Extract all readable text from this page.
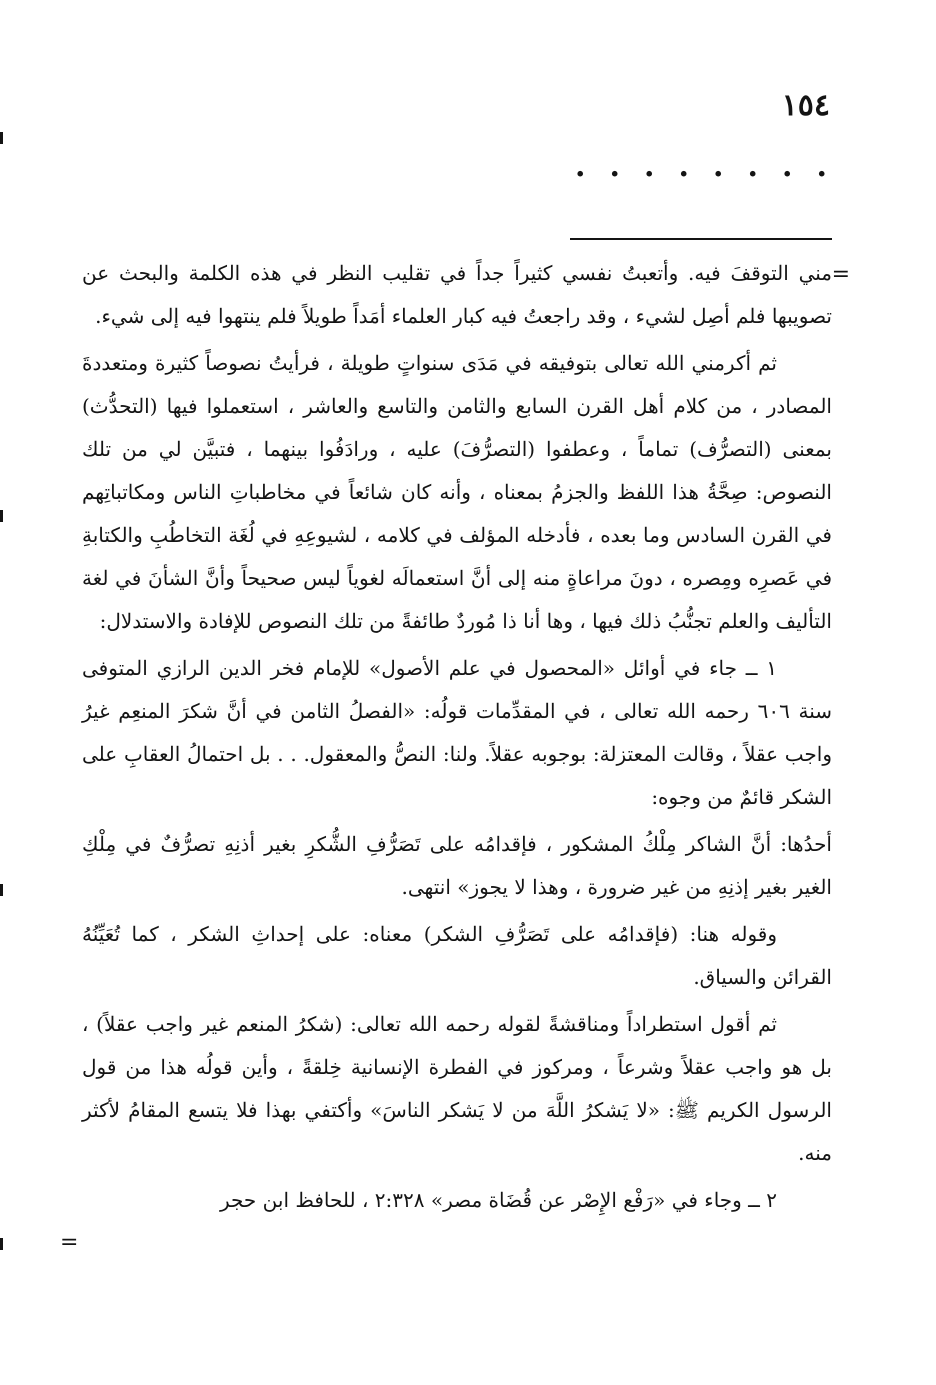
١٥٤
. . . . . . . .
=

مني التوقفَ فيه. وأتعبتُ نفسي كثيراً جداً في تقليب النظر في هذه الكلمة والبحث عن تصويبها فلم أصِل لشيء ، وقد راجعتُ فيه كبار العلماء أمَداً طويلاً فلم ينتهوا فيه إلى شيء.

ثم أكرمني الله تعالى بتوفيقه في مَدَى سنواتٍ طويلة ، فرأيتُ نصوصاً كثيرة ومتعددةَ المصادر ، من كلام أهل القرن السابع والثامن والتاسع والعاشر ، استعملوا فيها (التحدُّث) بمعنى (التصرُّف) تماماً ، وعطفوا (التصرُّفَ) عليه ، ورادَفُوا بينهما ، فتبيَّن لي من تلك النصوص: صِحَّةُ هذا اللفظ والجزمُ بمعناه ، وأنه كان شائعاً في مخاطباتِ الناس ومكاتباتِهم في القرن السادس وما بعده ، فأدخله المؤلف في كلامه ، لشيوعِهِ في لُغَة التخاطُبِ والكتابةِ في عَصرِه ومِصره ، دونَ مراعاةٍ منه إلى أنَّ استعمالَه لغوياً ليس صحيحاً وأنَّ الشأنَ في لغة التأليف والعلم تجنُّبُ ذلك فيها ، وها أنا ذا مُوردٌ طائفةً من تلك النصوص للإفادة والاستدلال:

١ ــ جاء في أوائل «المحصول في علم الأصول» للإمام فخر الدين الرازي المتوفى سنة ٦٠٦ رحمه الله تعالى ، في المقدِّمات قولُه: «الفصلُ الثامن في أنَّ شكرَ المنعِم غيرُ واجب عقلاً ، وقالت المعتزلة: بوجوبه عقلاً. ولنا: النصُّ والمعقول. . . بل احتمالُ العقابِ على الشكر قائمٌ من وجوه:

أحدُها: أنَّ الشاكر مِلْكُ المشكور ، فإقدامُه على تَصَرُّفِ الشُّكرِ بغير أذنِهِ تصرُّفٌ في مِلْكِ الغير بغير إذنِهِ من غير ضرورة ، وهذا لا يجوز» انتهى.

وقوله هنا: (فإقدامُه على تَصَرُّفِ الشكر) معناه: على إحداثِ الشكر ، كما تُعَيِّنُهُ القرائن والسياق.

ثم أقول استطراداً ومناقشةً لقوله رحمه الله تعالى: (شكرُ المنعم غير واجب عقلاً) ، بل هو واجب عقلاً وشرعاً ، ومركوز في الفطرة الإنسانية خِلقةً ، وأين قولُه هذا من قول الرسول الكريم ﷺ: «لا يَشكرُ اللَّهَ من لا يَشكر الناسَ» وأكتفي بهذا فلا يتسع المقامُ لأكثر منه.

٢ ــ وجاء في «رَفْع الإِصْر عن قُضَاة مصر» ٢:٣٢٨ ، للحافظ ابن حجر

=
